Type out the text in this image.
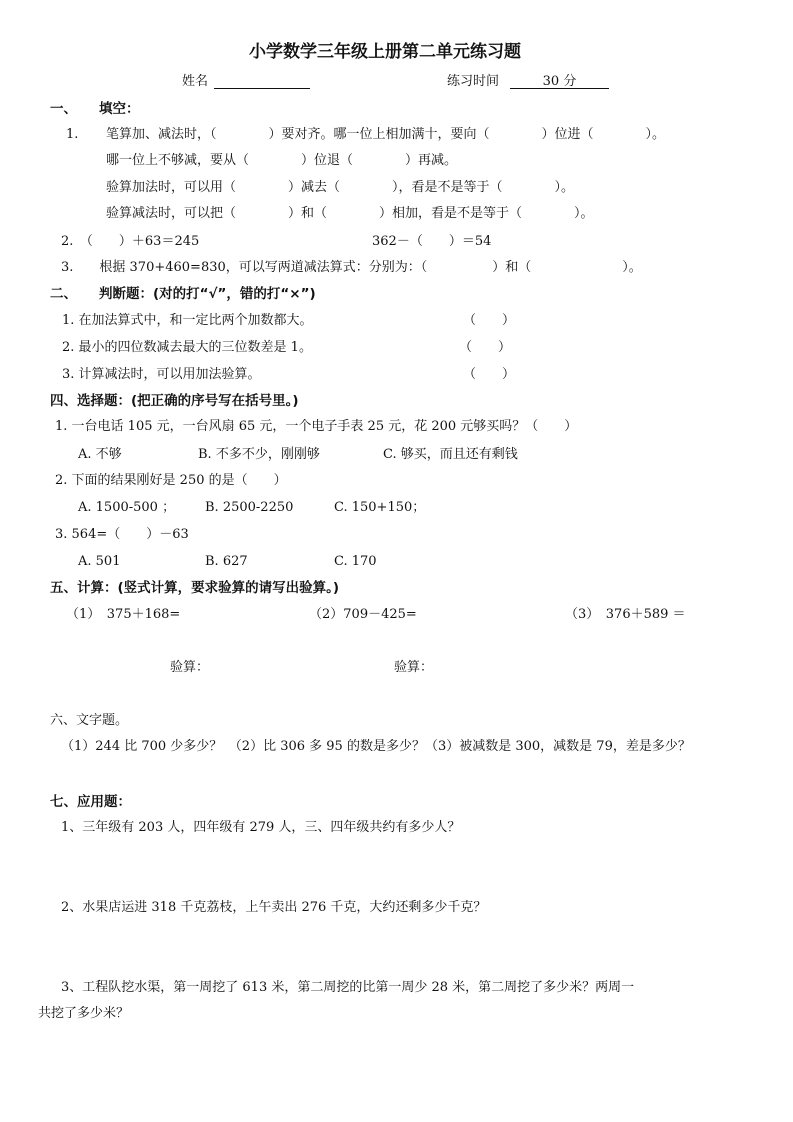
小学数学三年级上册第二单元练习题
姓名	练习时间	30 分
一、 填空：
1. 笔算加、减法时，（　　　　）要对齐。哪一位上相加满十，要向（　　　　）位进（　　　　）。
哪一位上不够减，要从（　　　　）位退（　　　　）再减。
验算加法时，可以用（　　　　）减去（　　　　），看是不是等于（　　　　）。
验算减法时，可以把（　　　　）和（　　　　）相加，看是不是等于（　　　　）。
2.　（　　）＋63＝245	362－（　　）＝54
3.　　根据 370+460=830，可以写两道减法算式：分别为：（　　　　　）和（　　　　　　　）。
二、 判断题：(对的打“√”，错的打“×”)
1. 在加法算式中，和一定比两个加数都大。	（　　）
2. 最小的四位数减去最大的三位数差是 1。	（　　）
3. 计算减法时，可以用加法验算。	（　　）
四、选择题：(把正确的序号写在括号里。)
1. 一台电话 105 元，一台风扇 65 元，一个电子手表 25 元，花 200 元够买吗？（　　）
A. 不够	B. 不多不少，刚刚够	C. 够买，而且还有剩钱
2. 下面的结果刚好是 250 的是（　　）
A. 1500-500 ； B. 2500-2250	C. 150+150；
3. 564=（　　）－63
A. 501	B. 627	C. 170
五、计算：(竖式计算，要求验算的请写出验算。)
（1）　375＋168=	（2）709－425=	（3）　376＋589 ＝
验算：	验算：
六、文字题。
（1）244 比 700 少多少？　（2）比 306 多 95 的数是多少？（3）被减数是 300，减数是 79，差是多少？
七、应用题：
1、三年级有 203 人，四年级有 279 人，三、四年级共约有多少人？
2、水果店运进 318 千克荔枝，上午卖出 276 千克，大约还剩多少千克？
3、工程队挖水渠，第一周挖了 613 米，第二周挖的比第一周少 28 米，第二周挖了多少米？两周一
共挖了多少米？
